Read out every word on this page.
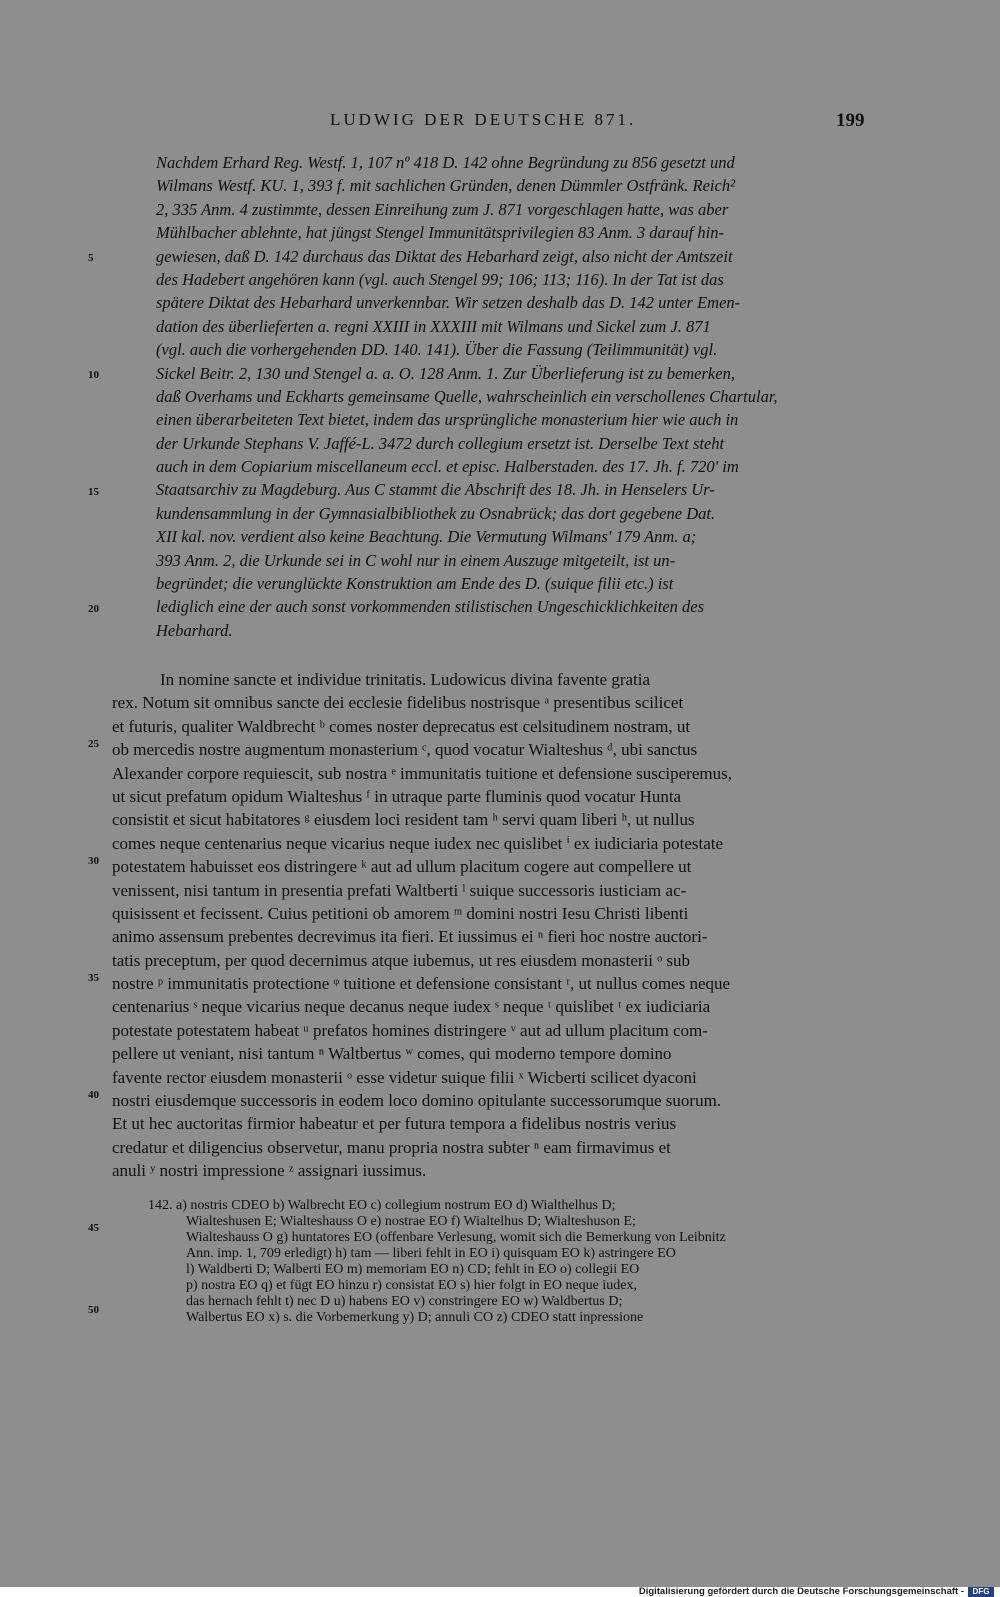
LUDWIG DER DEUTSCHE 871.	199
5
10
15
20
25
30
35
40
45
50
Nachdem Erhard Reg. Westf. 1, 107 nº 418 D. 142 ohne Begründung zu 856 gesetzt und
Wilmans Westf. KU. 1, 393 f. mit sachlichen Gründen, denen Dümmler Ostfränk. Reich²
2, 335 Anm. 4 zustimmte, dessen Einreihung zum J. 871 vorgeschlagen hatte, was aber
Mühlbacher ablehnte, hat jüngst Stengel Immunitätsprivilegien 83 Anm. 3 darauf hin-
gewiesen, daß D. 142 durchaus das Diktat des Hebarhard zeigt, also nicht der Amtszeit
des Hadebert angehören kann (vgl. auch Stengel 99; 106; 113; 116). In der Tat ist das
spätere Diktat des Hebarhard unverkennbar. Wir setzen deshalb das D. 142 unter Emen-
dation des überlieferten a. regni XXIII in XXXIII mit Wilmans und Sickel zum J. 871
(vgl. auch die vorhergehenden DD. 140. 141). Über die Fassung (Teilimmunität) vgl.
Sickel Beitr. 2, 130 und Stengel a. a. O. 128 Anm. 1. Zur Überlieferung ist zu bemerken,
daß Overhams und Eckharts gemeinsame Quelle, wahrscheinlich ein verschollenes Chartular,
einen überarbeiteten Text bietet, indem das ursprüngliche monasterium hier wie auch in
der Urkunde Stephans V. Jaffé-L. 3472 durch collegium ersetzt ist. Derselbe Text steht
auch in dem Copiarium miscellaneum eccl. et episc. Halberstaden. des 17. Jh. f. 720' im
Staatsarchiv zu Magdeburg. Aus C stammt die Abschrift des 18. Jh. in Henselers Ur-
kundensammlung in der Gymnasialbibliothek zu Osnabrück; das dort gegebene Dat.
XII kal. nov. verdient also keine Beachtung. Die Vermutung Wilmans' 179 Anm. a;
393 Anm. 2, die Urkunde sei in C wohl nur in einem Auszuge mitgeteilt, ist un-
begründet; die verunglückte Konstruktion am Ende des D. (suique filii etc.) ist
lediglich eine der auch sonst vorkommenden stilistischen Ungeschicklichkeiten des
Hebarhard.
In nomine sancte et individue trinitatis. Ludowicus divina favente gratia
rex. Notum sit omnibus sancte dei ecclesie fidelibus nostrisque ᵃ presentibus scilicet
et futuris, qualiter Waldbrecht ᵇ comes noster deprecatus est celsitudinem nostram, ut
ob mercedis nostre augmentum monasterium ᶜ, quod vocatur Wialteshus ᵈ, ubi sanctus
Alexander corpore requiescit, sub nostra ᵉ immunitatis tuitione et defensione susciperemus,
ut sicut prefatum opidum Wialteshus ᶠ in utraque parte fluminis quod vocatur Hunta
consistit et sicut habitatores ᵍ eiusdem loci resident tam ʰ servi quam liberi ʰ, ut nullus
comes neque centenarius neque vicarius neque iudex nec quislibet ⁱ ex iudiciaria potestate
potestatem habuisset eos distringere ᵏ aut ad ullum placitum cogere aut compellere ut
venissent, nisi tantum in presentia prefati Waltberti ˡ suique successoris iusticiam ac-
quisissent et fecissent. Cuius petitioni ob amorem ᵐ domini nostri Iesu Christi libenti
animo assensum prebentes decrevimus ita fieri. Et iussimus ei ⁿ fieri hoc nostre auctori-
tatis preceptum, per quod decernimus atque iubemus, ut res eiusdem monasterii ᵒ sub
nostre ᵖ immunitatis protectione ᵠ tuitione et defensione consistant ʳ, ut nullus comes neque
centenarius ˢ neque vicarius neque decanus neque iudex ˢ neque ᵗ quislibet ᵗ ex iudiciaria
potestate potestatem habeat ᵘ prefatos homines distringere ᵛ aut ad ullum placitum com-
pellere ut veniant, nisi tantum ⁿ Waltbertus ʷ comes, qui moderno tempore domino
favente rector eiusdem monasterii ᵒ esse videtur suique filii ˣ Wicberti scilicet dyaconi
nostri eiusdemque successoris in eodem loco domino opitulante successorumque suorum.
Et ut hec auctoritas firmior habeatur et per futura tempora a fidelibus nostris verius
credatur et diligencius observetur, manu propria nostra subter ⁿ eam firmavimus et
anuli ʸ nostri impressione ᶻ assignari iussimus.
142. a) nostris CDEO b) Walbrecht EO c) collegium nostrum EO d) Wialthelhus D;
Wialteshusen E; Wialteshauss O e) nostrae EO f) Wialtelhus D; Wialteshuson E;
Wialteshauss O g) huntatores EO (offenbare Verlesung, womit sich die Bemerkung von Leibnitz
Ann. imp. 1, 709 erledigt) h) tam — liberi fehlt in EO i) quisquam EO k) astringere EO
l) Waldberti D; Walberti EO m) memoriam EO n) CD; fehlt in EO o) collegii EO
p) nostra EO q) et fügt EO hinzu r) consistat EO s) hier folgt in EO neque iudex,
das hernach fehlt t) nec D u) habens EO v) constringere EO w) Waldbertus D;
Walbertus EO x) s. die Vorbemerkung y) D; annuli CO z) CDEO statt inpressione
Digitalisierung gefördert durch die Deutsche Forschungsgemeinschaft -	DFG
